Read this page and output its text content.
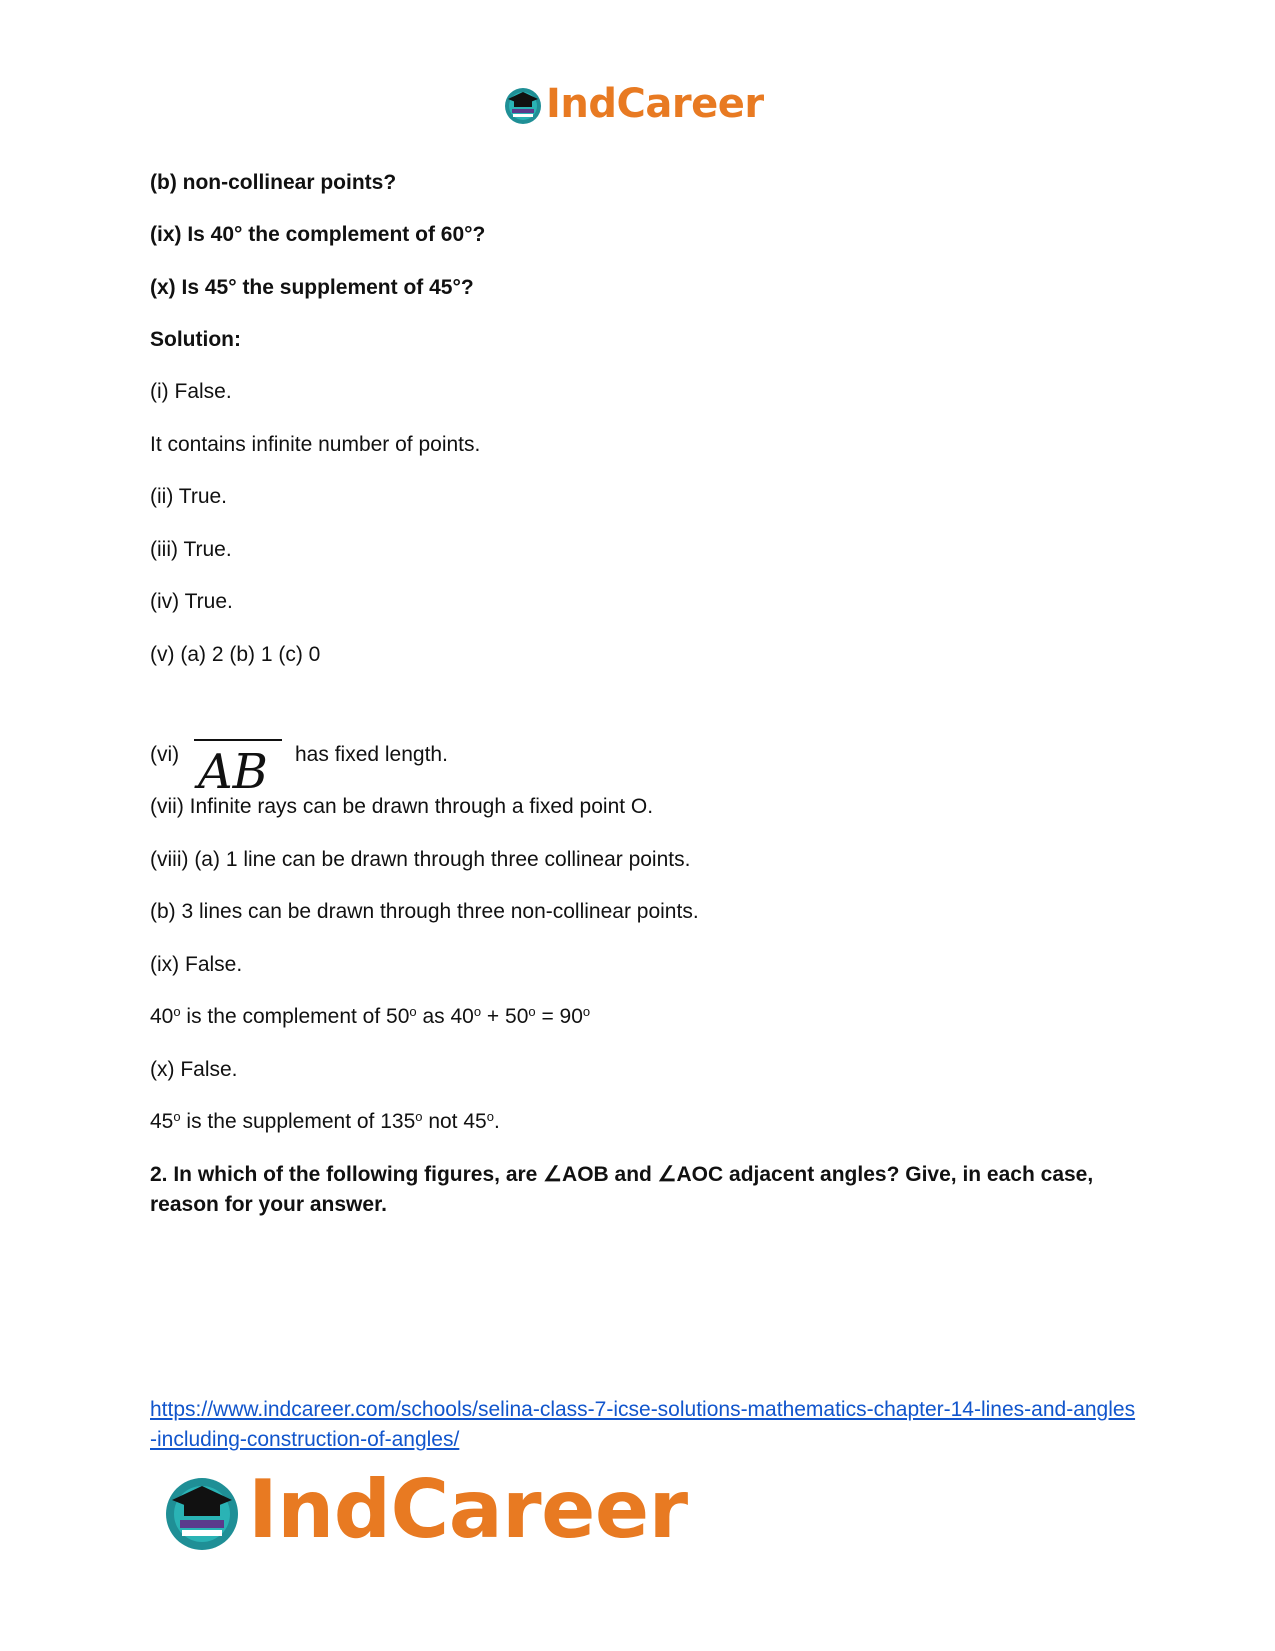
IndCareer
(b) non-collinear points?
(ix) Is 40° the complement of 60°?
(x) Is 45° the supplement of 45°?
Solution:
(i) False.
It contains infinite number of points.
(ii) True.
(iii) True.
(iv) True.
(v) (a) 2 (b) 1 (c) 0
(vi) AB has fixed length.
(vii) Infinite rays can be drawn through a fixed point O.
(viii) (a) 1 line can be drawn through three collinear points.
(b) 3 lines can be drawn through three non-collinear points.
(ix) False.
40$^o$ is the complement of 50$^o$ as $40^o + 50^o = 90^o$
(x) False.
45$^o$ is the supplement of 135$^o$ not 45$^o$.
2. In which of the following figures, are ∠AOB and ∠AOC adjacent angles? Give, in each case, reason for your answer.
https://www.indcareer.com/schools/selina-class-7-icse-solutions-mathematics-chapter-14-lines-and-angles-including-construction-of-angles/
IndCareer
